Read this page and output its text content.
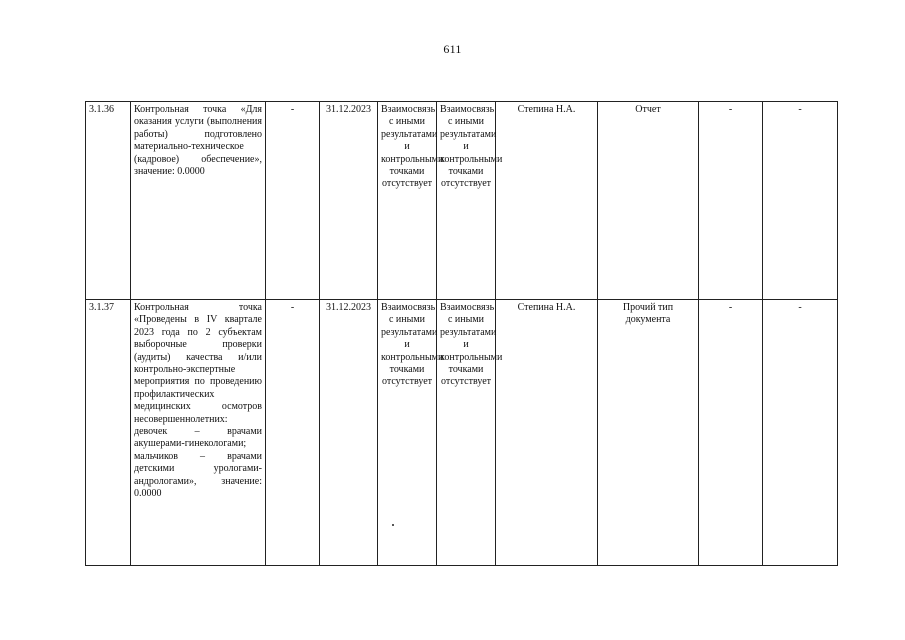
611
3.1.36	Контрольная точка «Для оказания услуги (выполнения работы) подготовлено материально-техническое (кадровое) обеспечение», значение: 0.0000	-	31.12.2023	Взаимосвязь с иными результатами и контрольными точками отсутствует	Взаимосвязь с иными результатами и контрольными точками отсутствует	Степина Н.А.	Отчет	-	-
3.1.37	Контрольная точка «Проведены в IV квартале 2023 года по 2 субъектам выборочные проверки (аудиты) качества и/или контрольно-экспертные мероприятия по проведению профилактических медицинских осмотров несовершеннолетних: девочек – врачами акушерами-гинекологами; мальчиков – врачами детскими урологами-андрологами», значение: 0.0000	-	31.12.2023	Взаимосвязь с иными результатами и контрольными точками отсутствует	Взаимосвязь с иными результатами и контрольными точками отсутствует	Степина Н.А.	Прочий тип документа	-	-
